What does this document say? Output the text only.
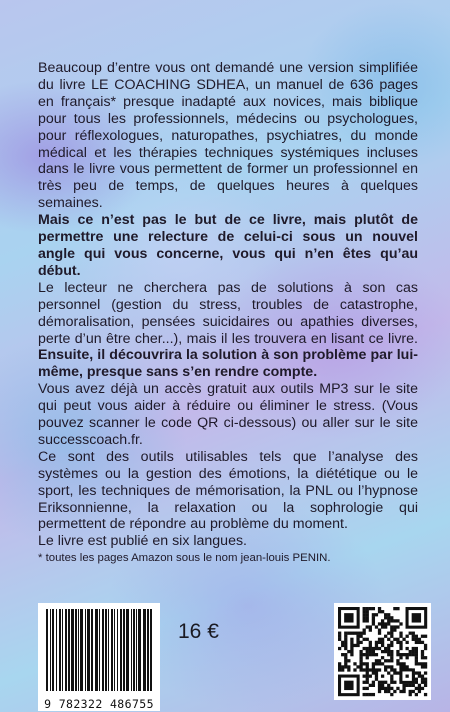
Beaucoup d’entre vous ont demandé une version simplifiée du livre LE COACHING SDHEA, un manuel de 636 pages en français* presque inadapté aux novices, mais biblique pour tous les professionnels, médecins ou psychologues, pour réflexologues, naturopathes, psychiatres, du monde médical et les thérapies techniques systémiques incluses dans le livre vous permettent de former un professionnel en très peu de temps, de quelques heures à quelques semaines.

Mais ce n’est pas le but de ce livre, mais plutôt de permettre une relecture de celui-ci sous un nouvel angle qui vous concerne, vous qui n’en êtes qu’au début.

Le lecteur ne cherchera pas de solutions à son cas personnel (gestion du stress, troubles de catastrophe, démoralisation, pensées suicidaires ou apathies diverses, perte d’un être cher...), mais il les trouvera en lisant ce livre. Ensuite, il découvrira la solution à son problème par lui-même, presque sans s’en rendre compte.

Vous avez déjà un accès gratuit aux outils MP3 sur le site qui peut vous aider à réduire ou éliminer le stress. (Vous pouvez scanner le code QR ci-dessous) ou aller sur le site successcoach.fr.

Ce sont des outils utilisables tels que l’analyse des systèmes ou la gestion des émotions, la diététique ou le sport, les techniques de mémorisation, la PNL ou l’hypnose Eriksonnienne, la relaxation ou la sophrologie qui permettent de répondre au problème du moment.

Le livre est publié en six langues.

* toutes les pages Amazon sous le nom jean-louis PENIN.

9 782322 486755
16 €
